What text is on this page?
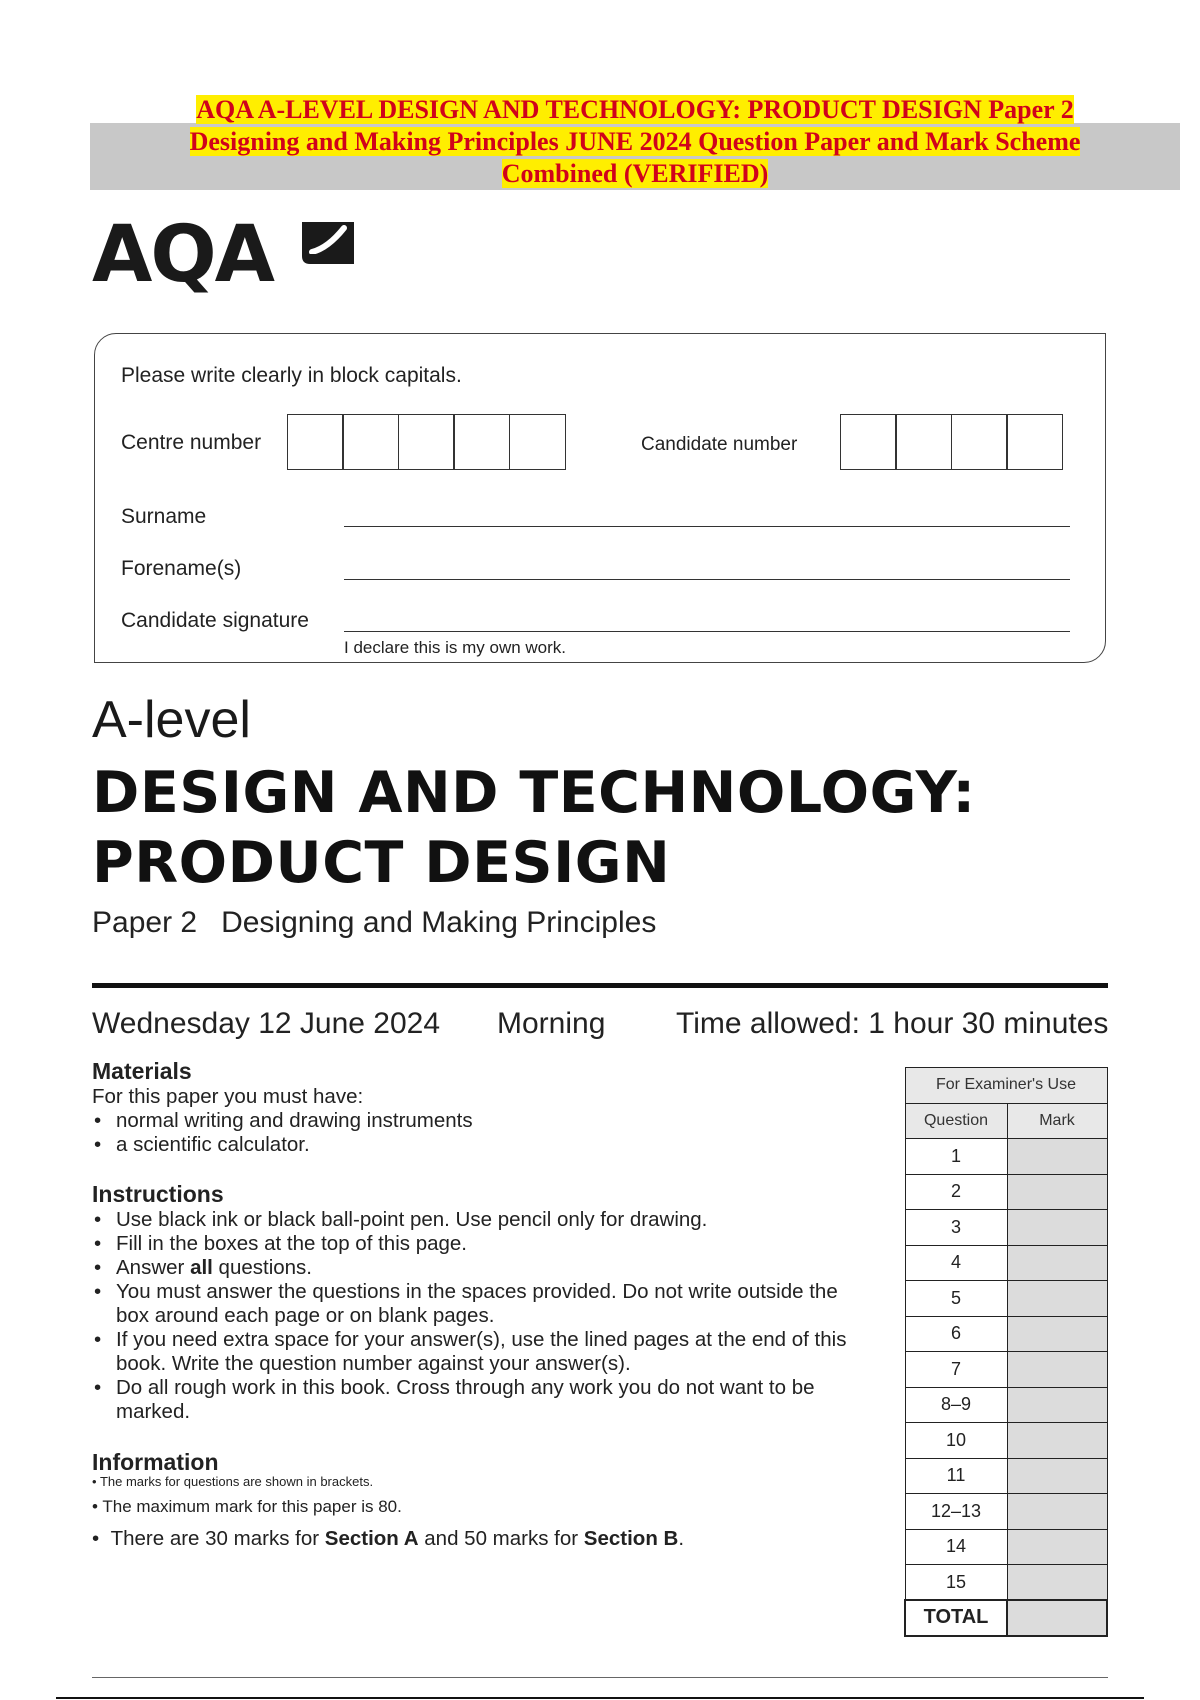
AQA A-LEVEL DESIGN AND TECHNOLOGY: PRODUCT DESIGN Paper 2
Designing and Making Principles JUNE 2024 Question Paper and Mark Scheme
Combined (VERIFIED)
AQA
Please write clearly in block capitals.
Centre number	Candidate number
Surname
Forename(s)
Candidate signature
I declare this is my own work.
A-level
DESIGN AND TECHNOLOGY:
PRODUCT DESIGN
Paper 2 Designing and Making Principles
Wednesday 12 June 2024 Morning Time allowed: 1 hour 30 minutes
Materials
For this paper you must have:
• normal writing and drawing instruments
• a scientific calculator.
Instructions
• Use black ink or black ball-point pen. Use pencil only for drawing.
• Fill in the boxes at the top of this page.
• Answer all questions.
• You must answer the questions in the spaces provided. Do not write outside the box around each page or on blank pages.
• If you need extra space for your answer(s), use the lined pages at the end of this book. Write the question number against your answer(s).
• Do all rough work in this book. Cross through any work you do not want to be marked.
Information
• The marks for questions are shown in brackets.
• The maximum mark for this paper is 80.
•  There are 30 marks for Section A and 50 marks for Section B.
For Examiner's Use	
Question	Mark
1	
2	
3	
4	
5	
6	
7	
8–9	
10	
11	
12–13	
14	
15	
TOTAL	
